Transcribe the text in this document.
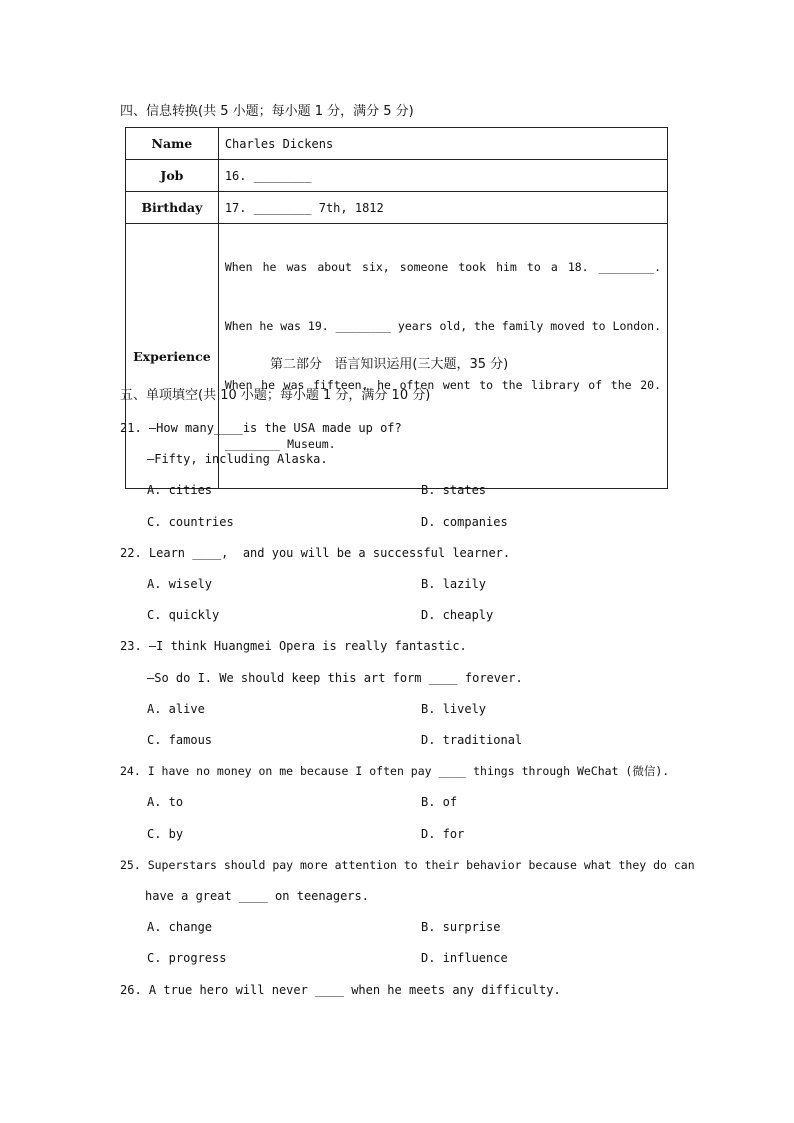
四、信息转换(共 5 小题；每小题 1 分，满分 5 分)
Name	Charles Dickens
Job	16. ________
Birthday	17. ________ 7th, 1812
Experience	When he was about six, someone took him to a 18. ________.

When he was 19. ________ years old, the family moved to London.

When he was fifteen, he often went to the library of the 20.

________ Museum.

第二部分   语言知识运用(三大题，35 分)
五、单项填空(共 10 小题；每小题 1 分，满分 10 分)
21. —How many____is the USA made up of?
—Fifty, including Alaska.
A. cities	B. states
C. countries	D. companies
22. Learn ____,  and you will be a successful learner.
A. wisely	B. lazily
C. quickly	D. cheaply
23. —I think Huangmei Opera is really fantastic.
—So do I. We should keep this art form ____ forever.
A. alive	B. lively
C. famous	D. traditional
24. I have no money on me because I often pay ____ things through WeChat (微信).
A. to	B. of
C. by	D. for
25. Superstars should pay more attention to their behavior because what they do can
have a great ____ on teenagers.
A. change	B. surprise
C. progress	D. influence
26. A true hero will never ____ when he meets any difficulty.
